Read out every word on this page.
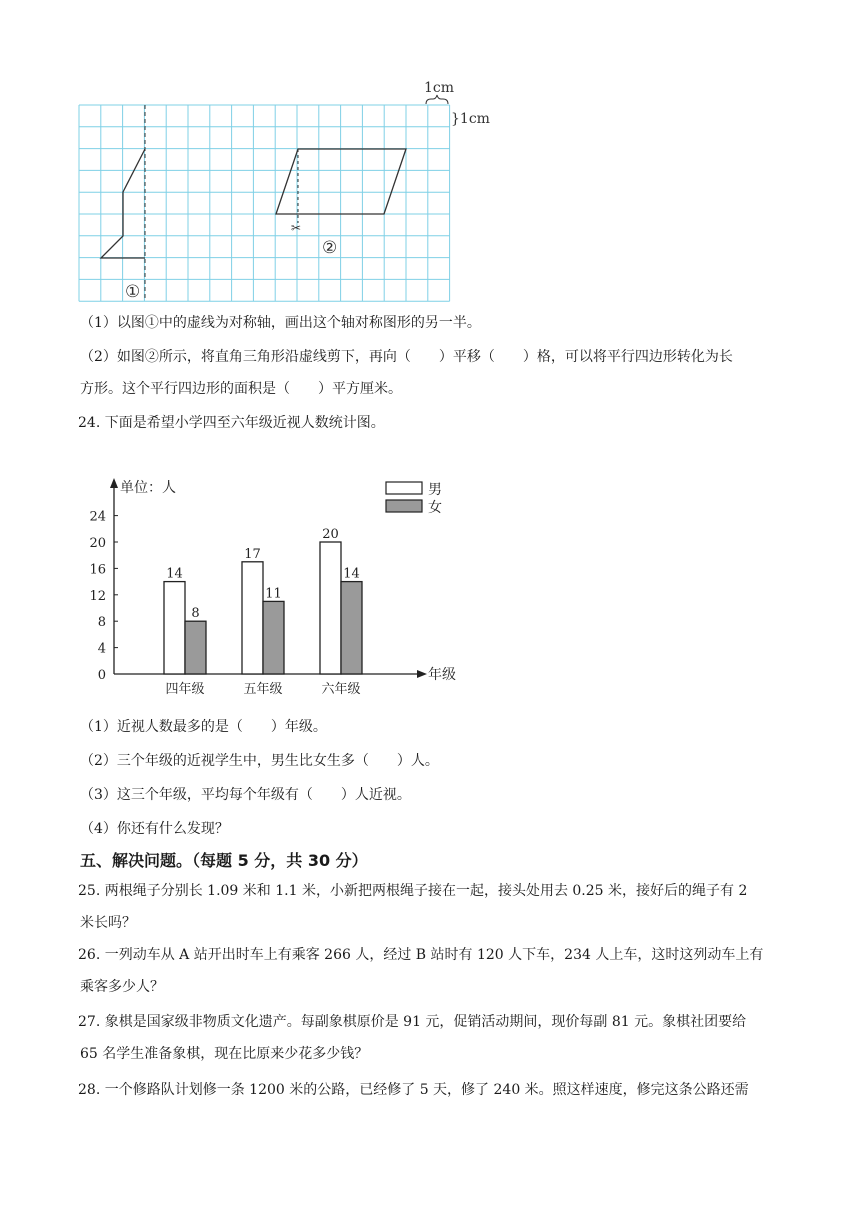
✂
②
①
1cm
}1cm
（1）以图①中的虚线为对称轴，画出这个轴对称图形的另一半。
（2）如图②所示，将直角三角形沿虚线剪下，再向（　　）平移（　　）格，可以将平行四边形转化为长
方形。这个平行四边形的面积是（　　）平方厘米。
24. 下面是希望小学四至六年级近视人数统计图。
单位：人
年级
0
4
8
12
16
20
24
14
8
四年级
17
11
五年级
20
14
六年级
男
女
（1）近视人数最多的是（　　）年级。
（2）三个年级的近视学生中，男生比女生多（　　）人。
（3）这三个年级，平均每个年级有（　　）人近视。
（4）你还有什么发现？
五、解决问题。（每题 5 分，共 30 分）
25. 两根绳子分别长 1.09 米和 1.1 米，小新把两根绳子接在一起，接头处用去 0.25 米，接好后的绳子有 2
米长吗？
26. 一列动车从 A 站开出时车上有乘客 266 人，经过 B 站时有 120 人下车，234 人上车，这时这列动车上有
乘客多少人？
27. 象棋是国家级非物质文化遗产。每副象棋原价是 91 元，促销活动期间，现价每副 81 元。象棋社团要给
65 名学生准备象棋，现在比原来少花多少钱？
28. 一个修路队计划修一条 1200 米的公路，已经修了 5 天，修了 240 米。照这样速度，修完这条公路还需
